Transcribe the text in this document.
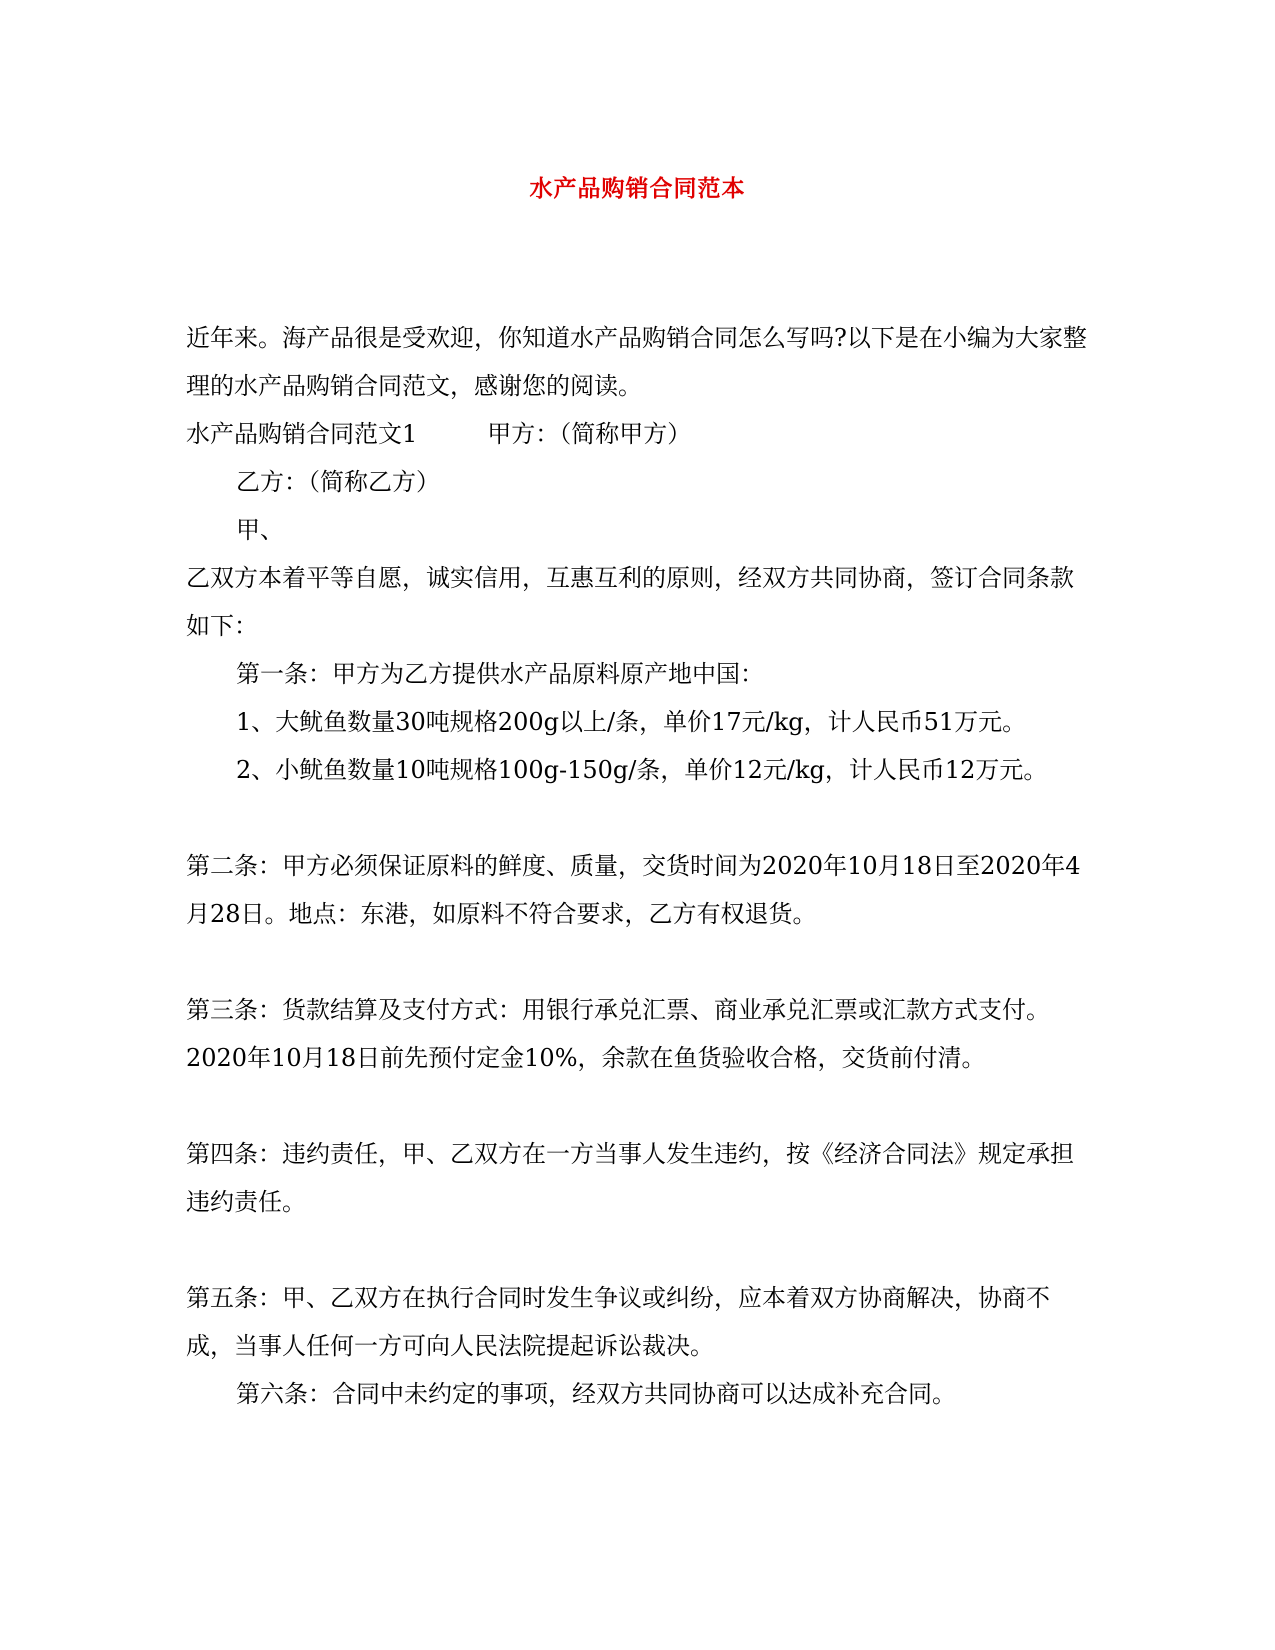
水产品购销合同范本

近年来。海产品很是受欢迎，你知道水产品购销合同怎么写吗?以下是在小编为大家整理的水产品购销合同范文，感谢您的阅读。

水产品购销合同范文1	甲方：（简称甲方）

乙方：（简称乙方）

甲、

乙双方本着平等自愿，诚实信用，互惠互利的原则，经双方共同协商，签订合同条款如下：

第一条：甲方为乙方提供水产品原料原产地中国：

1、大鱿鱼数量30吨规格200g以上/条，单价17元/kg，计人民币51万元。

2、小鱿鱼数量10吨规格100g-150g/条，单价12元/kg，计人民币12万元。

第二条：甲方必须保证原料的鲜度、质量，交货时间为2020年10月18日至2020年4月28日。地点：东港，如原料不符合要求，乙方有权退货。

第三条：货款结算及支付方式：用银行承兑汇票、商业承兑汇票或汇款方式支付。2020年10月18日前先预付定金10%，余款在鱼货验收合格，交货前付清。

第四条：违约责任，甲、乙双方在一方当事人发生违约，按《经济合同法》规定承担违约责任。

第五条：甲、乙双方在执行合同时发生争议或纠纷，应本着双方协商解决，协商不成，当事人任何一方可向人民法院提起诉讼裁决。

第六条：合同中未约定的事项，经双方共同协商可以达成补充合同。
